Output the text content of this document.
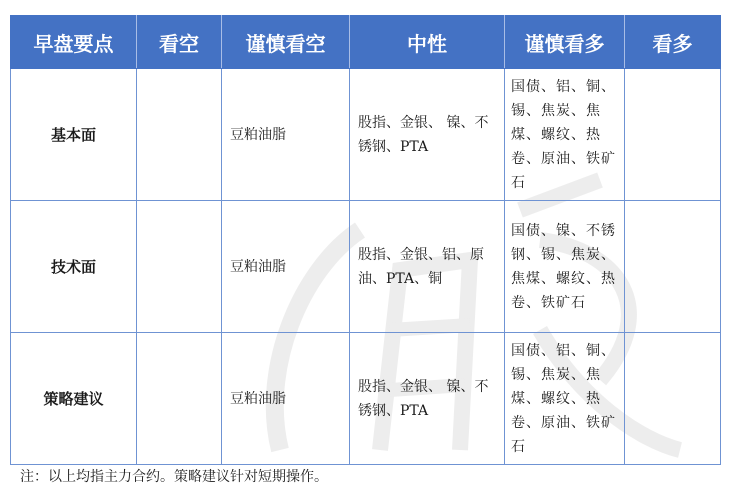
早盘要点	看空	谨慎看空	中性	谨慎看多	看多
基本面		豆粕油脂	股指、金银、 镍、不锈钢、PTA	国债、铝、铜、锡、焦炭、焦煤、螺纹、热卷、原油、铁矿石	
技术面		豆粕油脂	股指、金银、铝、原油、PTA、铜	国债、镍、不锈钢、锡、焦炭、焦煤、螺纹、热卷、铁矿石	
策略建议		豆粕油脂	股指、金银、 镍、不锈钢、PTA	国债、铝、铜、锡、焦炭、焦煤、螺纹、热卷、原油、铁矿石	
注：以上均指主力合约。策略建议针对短期操作。
